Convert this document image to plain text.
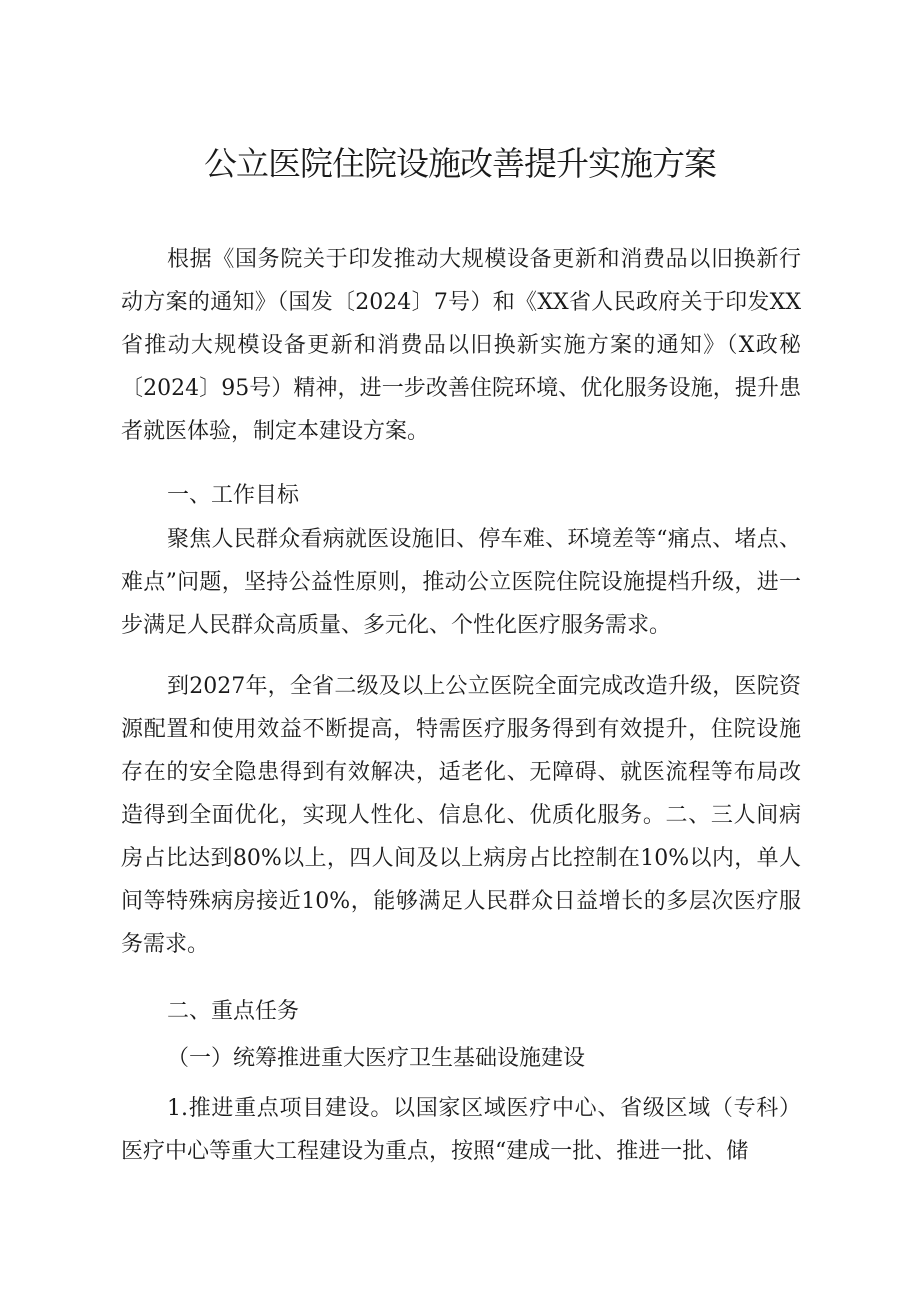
公立医院住院设施改善提升实施方案

根据《国务院关于印发推动大规模设备更新和消费品以旧换新行动方案的通知》（国发〔2024〕7号）和《XX省人民政府关于印发XX省推动大规模设备更新和消费品以旧换新实施方案的通知》（X政秘〔2024〕95号）精神，进一步改善住院环境、优化服务设施，提升患者就医体验，制定本建设方案。

一、工作目标

聚焦人民群众看病就医设施旧、停车难、环境差等“痛点、堵点、难点”问题，坚持公益性原则，推动公立医院住院设施提档升级，进一步满足人民群众高质量、多元化、个性化医疗服务需求。

到2027年，全省二级及以上公立医院全面完成改造升级，医院资源配置和使用效益不断提高，特需医疗服务得到有效提升，住院设施存在的安全隐患得到有效解决，适老化、无障碍、就医流程等布局改造得到全面优化，实现人性化、信息化、优质化服务。二、三人间病房占比达到80%以上，四人间及以上病房占比控制在10%以内，单人间等特殊病房接近10%，能够满足人民群众日益增长的多层次医疗服务需求。

二、重点任务

（一）统筹推进重大医疗卫生基础设施建设

1.推进重点项目建设。以国家区域医疗中心、省级区域（专科）医疗中心等重大工程建设为重点，按照“建成一批、推进一批、储
